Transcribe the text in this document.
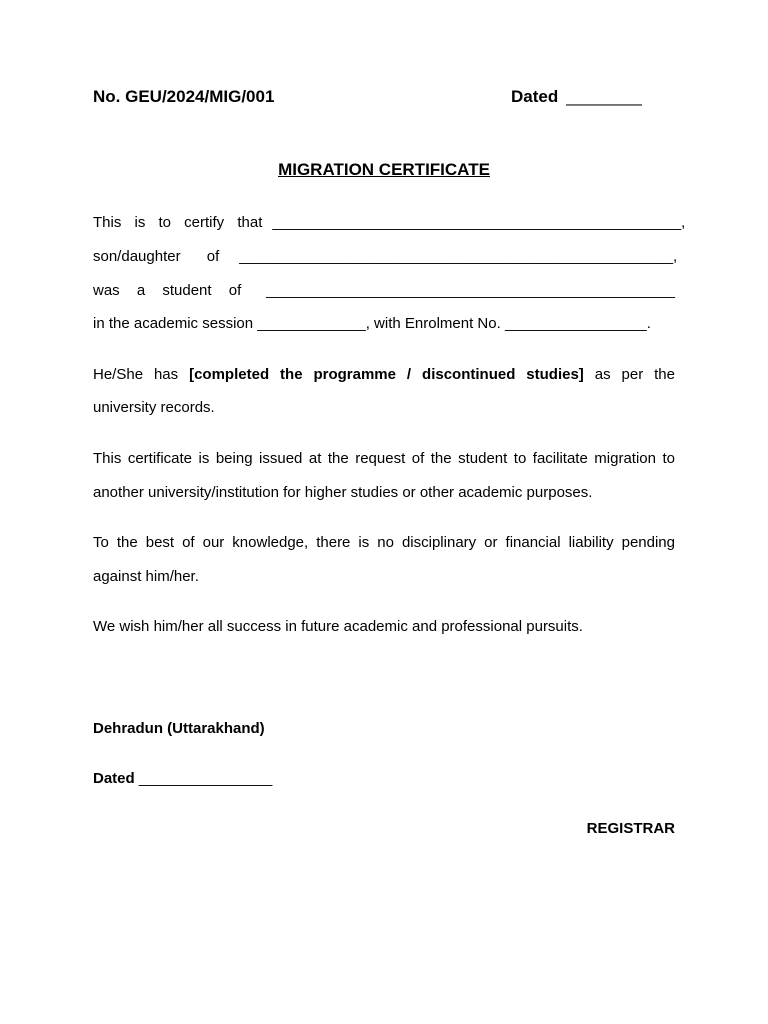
No. GEU/2024/MIG/001	Dated ________
MIGRATION CERTIFICATE
This is to certify that _________________________________________________,
son/daughter of ____________________________________________________,
was a student of _________________________________________________
in the academic session _____________, with Enrolment No. _________________.
He/She has [completed the programme / discontinued studies] as per the
university records.
This certificate is being issued at the request of the student to facilitate migration to
another university/institution for higher studies or other academic purposes.
To the best of our knowledge, there is no disciplinary or financial liability pending
against him/her.
We wish him/her all success in future academic and professional pursuits.
Dehradun (Uttarakhand)
Dated ________________
REGISTRAR
